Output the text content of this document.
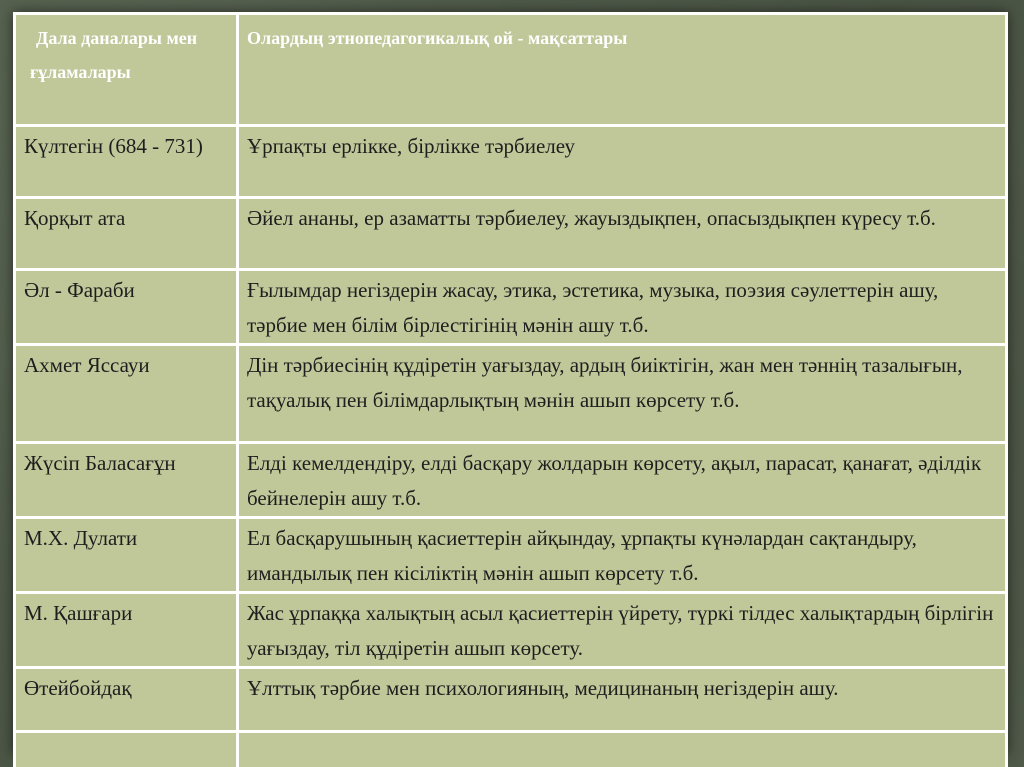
Дала даналары мен ғұламалары	Олардың этнопедагогикалық ой - мақсаттары
Күлтегін (684 - 731)	Ұрпақты ерлікке, бірлікке тәрбиелеу
Қорқыт ата	Әйел ананы, ер азаматты тәрбиелеу, жауыздықпен, опасыздықпен күресу т.б.
Әл - Фараби	Ғылымдар негіздерін жасау, этика, эстетика, музыка, поэзия сәулеттерін ашу, тәрбие мен білім бірлестігінің мәнін ашу т.б.
Ахмет Яссауи	Дін тәрбиесінің құдіретін уағыздау, ардың биіктігін, жан мен тәннің тазалығын, тақуалық пен білімдарлықтың мәнін ашып көрсету т.б.
Жүсіп Баласағұн	Елді кемелдендіру, елді басқару жолдарын көрсету, ақыл, парасат, қанағат, әділдік бейнелерін ашу т.б.
М.Х. Дулати	Ел басқарушының қасиеттерін айқындау, ұрпақты күнәлардан сақтандыру, имандылық пен кісіліктің мәнін ашып көрсету т.б.
М. Қашғари	Жас ұрпаққа халықтың асыл қасиеттерін үйрету, түркі тілдес халықтардың бірлігін уағыздау, тіл құдіретін ашып көрсету.
Өтейбойдақ	Ұлттық тәрбие мен психологияның, медицинаның негіздерін ашу.
